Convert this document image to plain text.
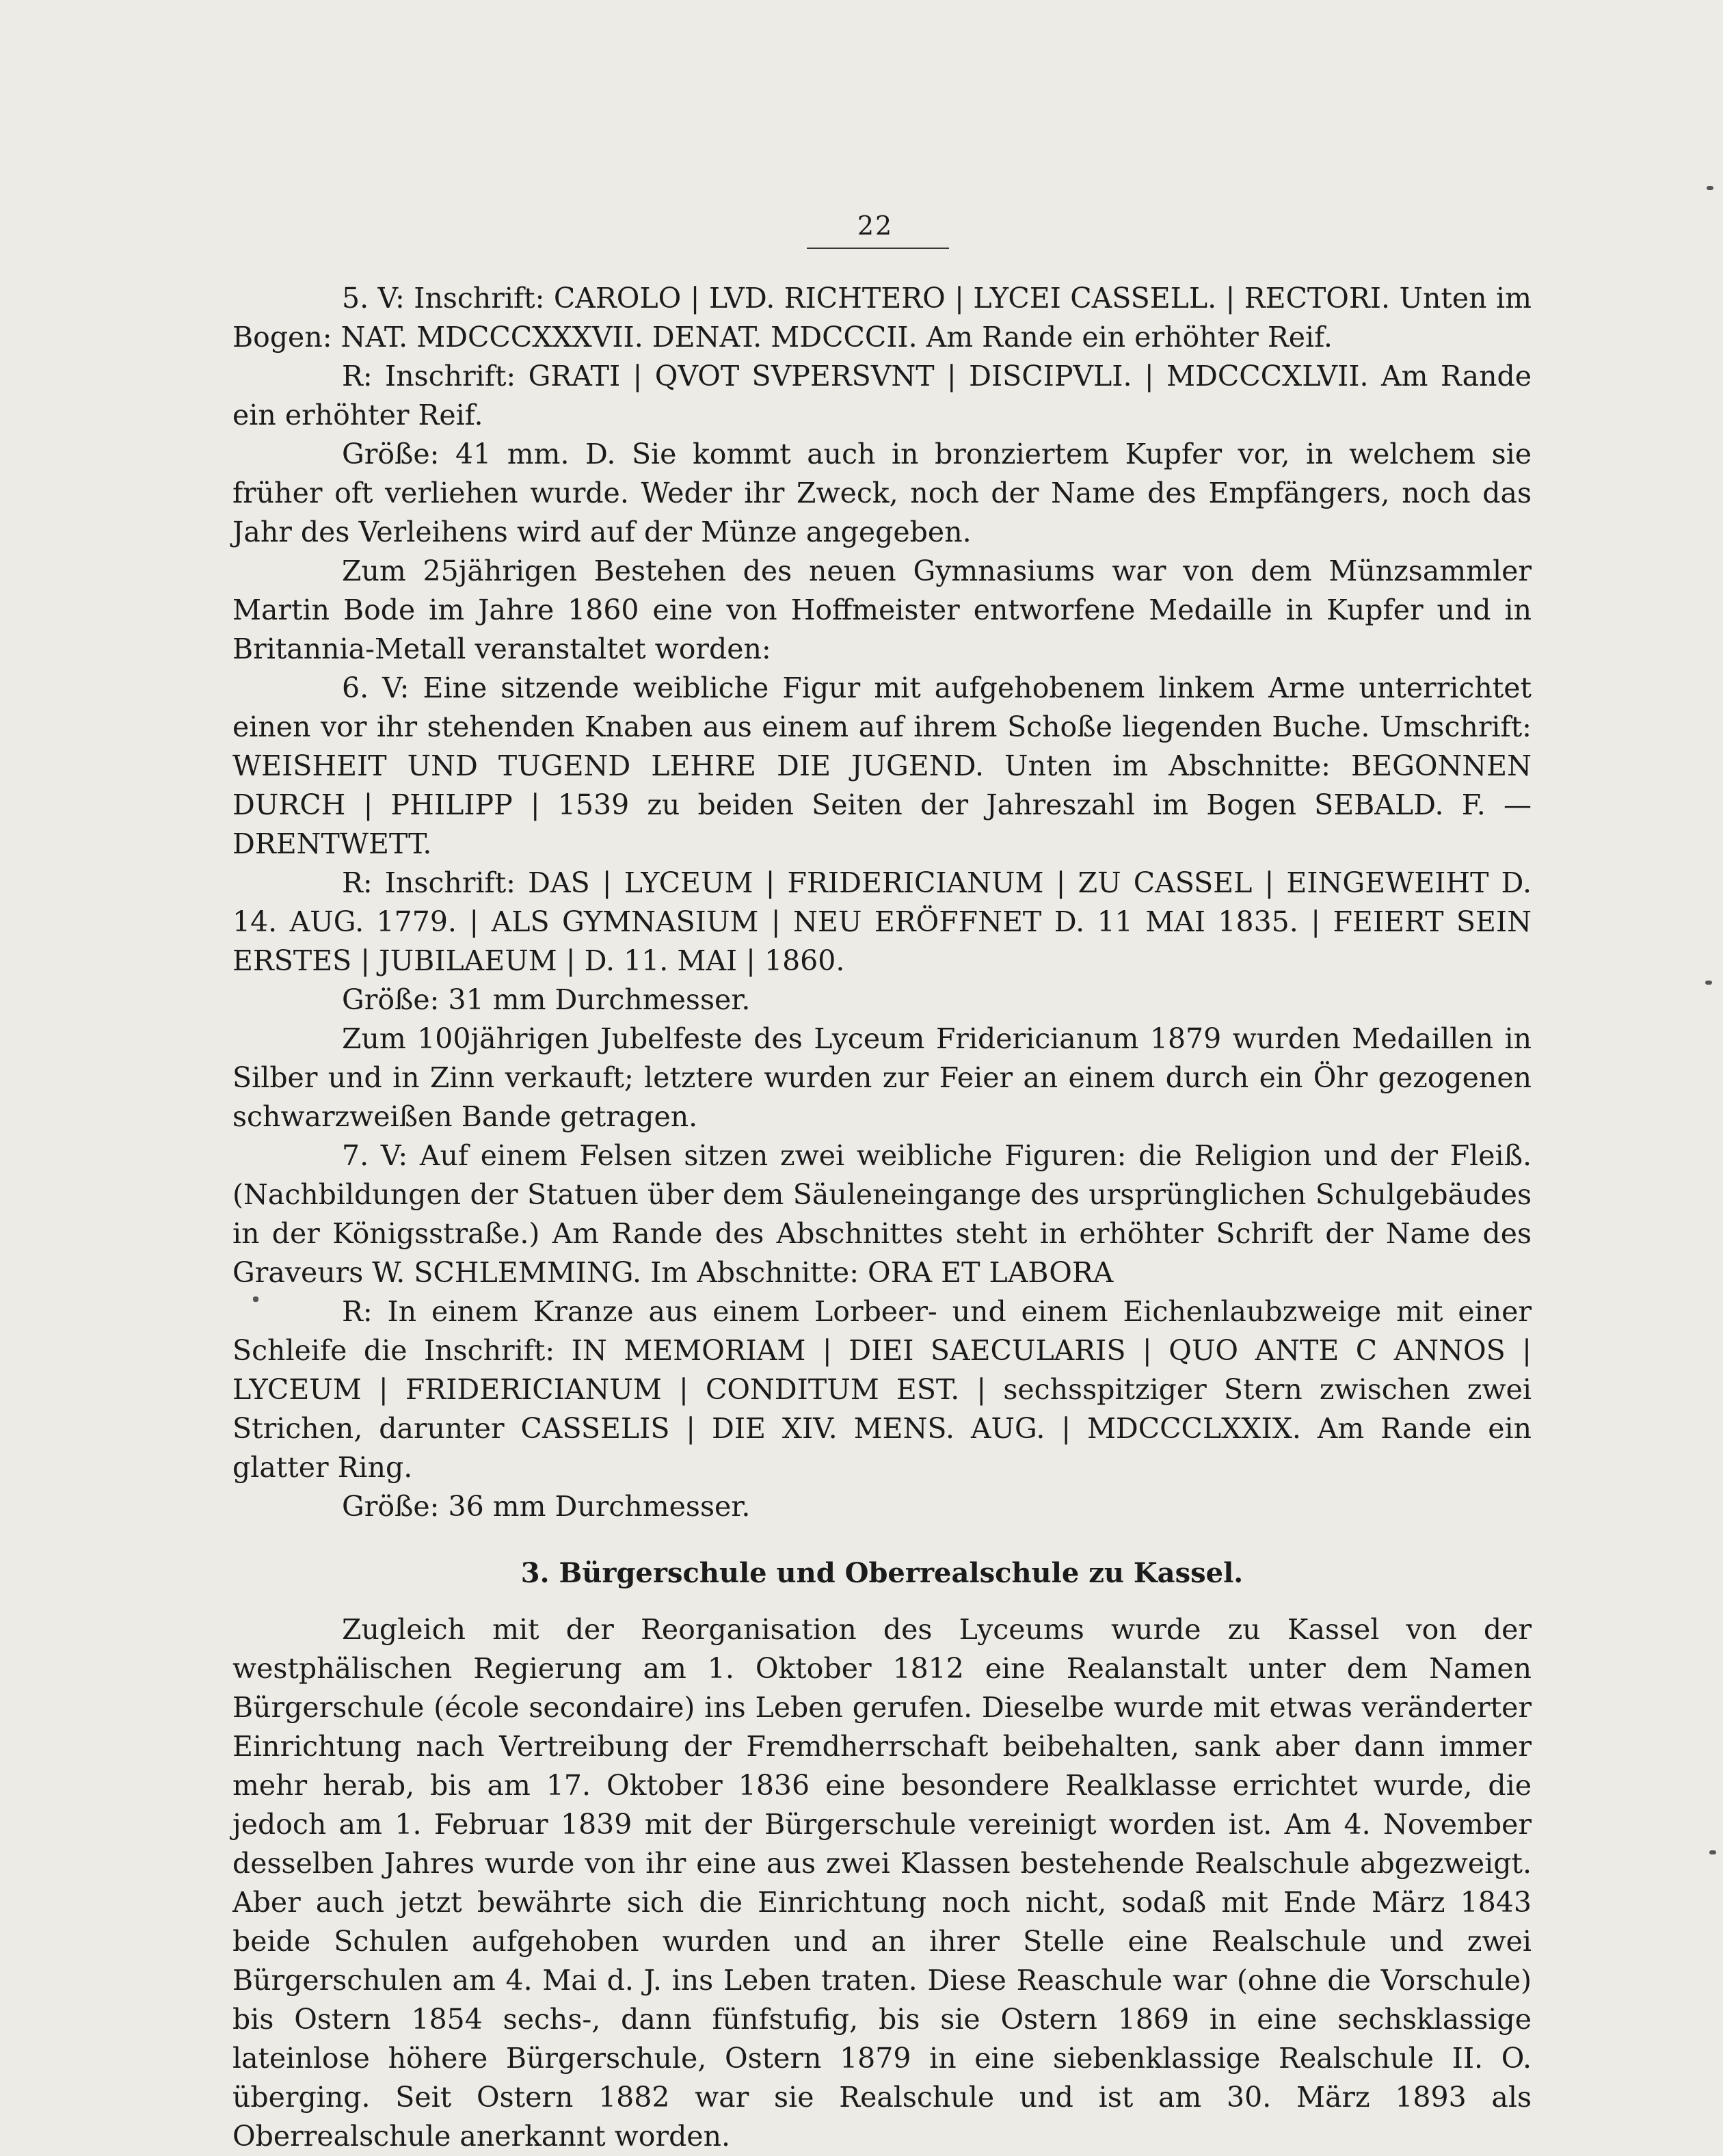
22

5. V: Inschrift: CAROLO | LVD. RICHTERO | LYCEI CASSELL. | RECTORI. Unten im Bogen: NAT. MDCCCXXXVII. DENAT. MDCCCII. Am Rande ein erhöhter Reif.

R: Inschrift: GRATI | QVOT SVPERSVNT | DISCIPVLI. | MDCCCXLVII. Am Rande ein erhöhter Reif.

Größe: 41 mm. D. Sie kommt auch in bronziertem Kupfer vor, in welchem sie früher oft verliehen wurde. Weder ihr Zweck, noch der Name des Empfängers, noch das Jahr des Verleihens wird auf der Münze angegeben.

Zum 25jährigen Bestehen des neuen Gymnasiums war von dem Münzsammler Martin Bode im Jahre 1860 eine von Hoffmeister entworfene Medaille in Kupfer und in Britannia-Metall veranstaltet worden:

6. V: Eine sitzende weibliche Figur mit aufgehobenem linkem Arme unterrichtet einen vor ihr stehenden Knaben aus einem auf ihrem Schoße liegenden Buche. Umschrift: WEISHEIT UND TUGEND LEHRE DIE JUGEND. Unten im Abschnitte: BEGONNEN DURCH | PHILIPP | 1539 zu beiden Seiten der Jahreszahl im Bogen SEBALD. F. — DRENTWETT.

R: Inschrift: DAS | LYCEUM | FRIDERICIANUM | ZU CASSEL | EINGEWEIHT D. 14. AUG. 1779. | ALS GYMNASIUM | NEU ERÖFFNET D. 11 MAI 1835. | FEIERT SEIN ERSTES | JUBILAEUM | D. 11. MAI | 1860.

Größe: 31 mm Durchmesser.

Zum 100jährigen Jubelfeste des Lyceum Fridericianum 1879 wurden Medaillen in Silber und in Zinn verkauft; letztere wurden zur Feier an einem durch ein Öhr gezogenen schwarzweißen Bande getragen.

7. V: Auf einem Felsen sitzen zwei weibliche Figuren: die Religion und der Fleiß. (Nachbildungen der Statuen über dem Säuleneingange des ursprünglichen Schulgebäudes in der Königsstraße.) Am Rande des Abschnittes steht in erhöhter Schrift der Name des Graveurs W. SCHLEMMING. Im Abschnitte: ORA ET LABORA

R: In einem Kranze aus einem Lorbeer- und einem Eichenlaubzweige mit einer Schleife die Inschrift: IN MEMORIAM | DIEI SAECULARIS | QUO ANTE C ANNOS | LYCEUM | FRIDERICIANUM | CONDITUM EST. | sechsspitziger Stern zwischen zwei Strichen, darunter CASSELIS | DIE XIV. MENS. AUG. | MDCCCLXXIX. Am Rande ein glatter Ring.

Größe: 36 mm Durchmesser.

3. Bürgerschule und Oberrealschule zu Kassel.

Zugleich mit der Reorganisation des Lyceums wurde zu Kassel von der westphälischen Regierung am 1. Oktober 1812 eine Realanstalt unter dem Namen Bürgerschule (école secondaire) ins Leben gerufen. Dieselbe wurde mit etwas veränderter Einrichtung nach Vertreibung der Fremdherrschaft beibehalten, sank aber dann immer mehr herab, bis am 17. Oktober 1836 eine besondere Realklasse errichtet wurde, die jedoch am 1. Februar 1839 mit der Bürgerschule vereinigt worden ist. Am 4. November desselben Jahres wurde von ihr eine aus zwei Klassen bestehende Realschule abgezweigt. Aber auch jetzt bewährte sich die Einrichtung noch nicht, sodaß mit Ende März 1843 beide Schulen aufgehoben wurden und an ihrer Stelle eine Realschule und zwei Bürgerschulen am 4. Mai d. J. ins Leben traten. Diese Reaschule war (ohne die Vorschule) bis Ostern 1854 sechs-, dann fünfstufig, bis sie Ostern 1869 in eine sechsklassige lateinlose höhere Bürgerschule, Ostern 1879 in eine siebenklassige Realschule II. O. überging. Seit Ostern 1882 war sie Realschule und ist am 30. März 1893 als Oberrealschule anerkannt worden.
